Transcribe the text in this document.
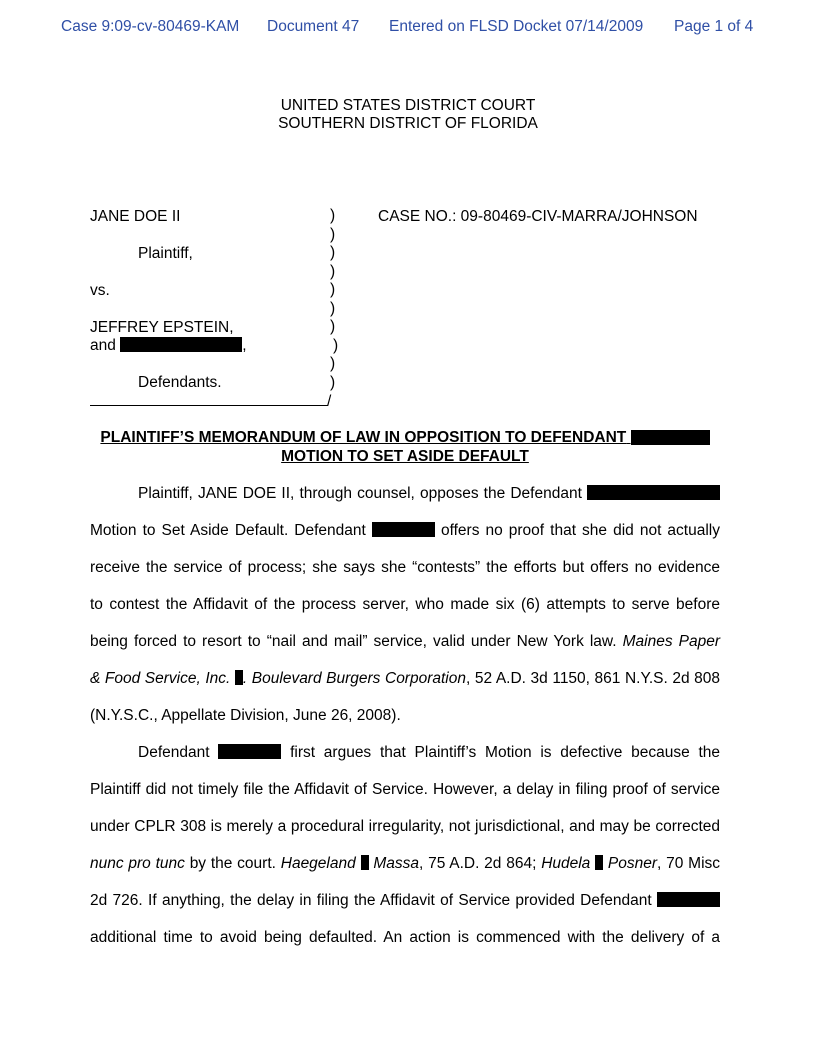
Case 9:09-cv-80469-KAM Document 47 Entered on FLSD Docket 07/14/2009 Page 1 of 4
UNITED STATES DISTRICT COURT
SOUTHERN DISTRICT OF FLORIDA
JANE DOE II
Plaintiff,
vs.
JEFFREY EPSTEIN,
and	,
Defendants.
)
)
)
)
)
)
)
)
)
)
/
CASE NO.: 09-80469-CIV-MARRA/JOHNSON
PLAINTIFF’S MEMORANDUM OF LAW IN OPPOSITION TO DEFENDANT
MOTION TO SET ASIDE DEFAULT
Plaintiff, JANE DOE II, through counsel, opposes the Defendant
Motion to Set Aside Default. Defendant	offers no proof that she did not actually
receive the service of process; she says she “contests” the efforts but offers no evidence
to contest the Affidavit of the process server, who made six (6) attempts to serve before
being forced to resort to “nail and mail” service, valid under New York law. Maines Paper
& Food Service, Inc. . Boulevard Burgers Corporation, 52 A.D. 3d 1150, 861 N.Y.S. 2d 808
(N.Y.S.C., Appellate Division, June 26, 2008).
Defendant	first argues that Plaintiff’s Motion is defective because the
Plaintiff did not timely file the Affidavit of Service. However, a delay in filing proof of service
under CPLR 308 is merely a procedural irregularity, not jurisdictional, and may be corrected
nunc pro tunc by the court. Haegeland Massa, 75 A.D. 2d 864; Hudela Posner, 70 Misc
2d 726. If anything, the delay in filing the Affidavit of Service provided Defendant
additional time to avoid being defaulted. An action is commenced with the delivery of a
